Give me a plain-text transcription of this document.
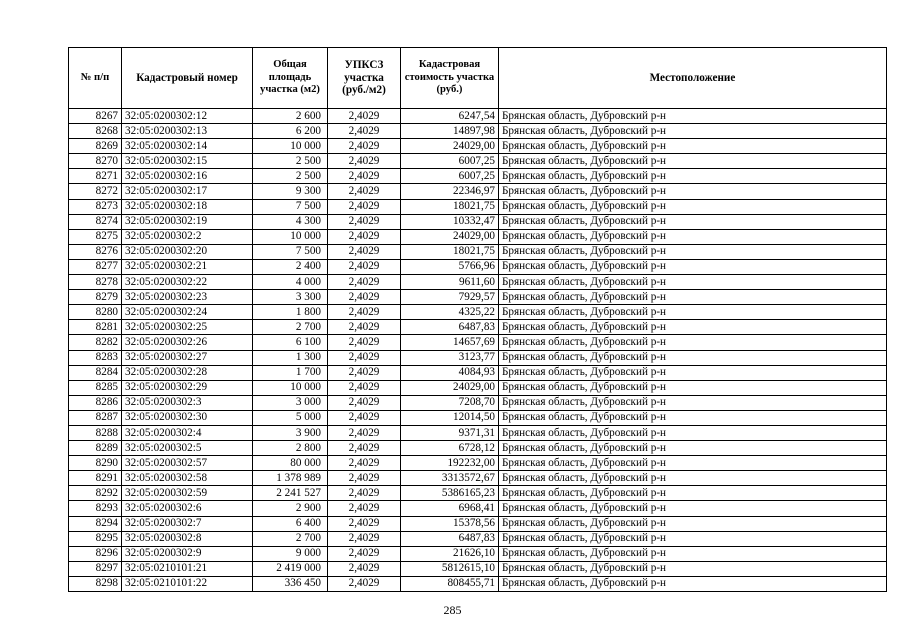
№ п/п	Кадастровый номер	Общая площадь участка (м2)	УПКСЗ участка (руб./м2)	Кадастровая стоимость участка (руб.)	Местоположение
8267	32:05:0200302:12	2 600	2,4029	6247,54	Брянская область, Дубровский р-н
8268	32:05:0200302:13	6 200	2,4029	14897,98	Брянская область, Дубровский р-н
8269	32:05:0200302:14	10 000	2,4029	24029,00	Брянская область, Дубровский р-н
8270	32:05:0200302:15	2 500	2,4029	6007,25	Брянская область, Дубровский р-н
8271	32:05:0200302:16	2 500	2,4029	6007,25	Брянская область, Дубровский р-н
8272	32:05:0200302:17	9 300	2,4029	22346,97	Брянская область, Дубровский р-н
8273	32:05:0200302:18	7 500	2,4029	18021,75	Брянская область, Дубровский р-н
8274	32:05:0200302:19	4 300	2,4029	10332,47	Брянская область, Дубровский р-н
8275	32:05:0200302:2	10 000	2,4029	24029,00	Брянская область, Дубровский р-н
8276	32:05:0200302:20	7 500	2,4029	18021,75	Брянская область, Дубровский р-н
8277	32:05:0200302:21	2 400	2,4029	5766,96	Брянская область, Дубровский р-н
8278	32:05:0200302:22	4 000	2,4029	9611,60	Брянская область, Дубровский р-н
8279	32:05:0200302:23	3 300	2,4029	7929,57	Брянская область, Дубровский р-н
8280	32:05:0200302:24	1 800	2,4029	4325,22	Брянская область, Дубровский р-н
8281	32:05:0200302:25	2 700	2,4029	6487,83	Брянская область, Дубровский р-н
8282	32:05:0200302:26	6 100	2,4029	14657,69	Брянская область, Дубровский р-н
8283	32:05:0200302:27	1 300	2,4029	3123,77	Брянская область, Дубровский р-н
8284	32:05:0200302:28	1 700	2,4029	4084,93	Брянская область, Дубровский р-н
8285	32:05:0200302:29	10 000	2,4029	24029,00	Брянская область, Дубровский р-н
8286	32:05:0200302:3	3 000	2,4029	7208,70	Брянская область, Дубровский р-н
8287	32:05:0200302:30	5 000	2,4029	12014,50	Брянская область, Дубровский р-н
8288	32:05:0200302:4	3 900	2,4029	9371,31	Брянская область, Дубровский р-н
8289	32:05:0200302:5	2 800	2,4029	6728,12	Брянская область, Дубровский р-н
8290	32:05:0200302:57	80 000	2,4029	192232,00	Брянская область, Дубровский р-н
8291	32:05:0200302:58	1 378 989	2,4029	3313572,67	Брянская область, Дубровский р-н
8292	32:05:0200302:59	2 241 527	2,4029	5386165,23	Брянская область, Дубровский р-н
8293	32:05:0200302:6	2 900	2,4029	6968,41	Брянская область, Дубровский р-н
8294	32:05:0200302:7	6 400	2,4029	15378,56	Брянская область, Дубровский р-н
8295	32:05:0200302:8	2 700	2,4029	6487,83	Брянская область, Дубровский р-н
8296	32:05:0200302:9	9 000	2,4029	21626,10	Брянская область, Дубровский р-н
8297	32:05:0210101:21	2 419 000	2,4029	5812615,10	Брянская область, Дубровский р-н
8298	32:05:0210101:22	336 450	2,4029	808455,71	Брянская область, Дубровский р-н
285
